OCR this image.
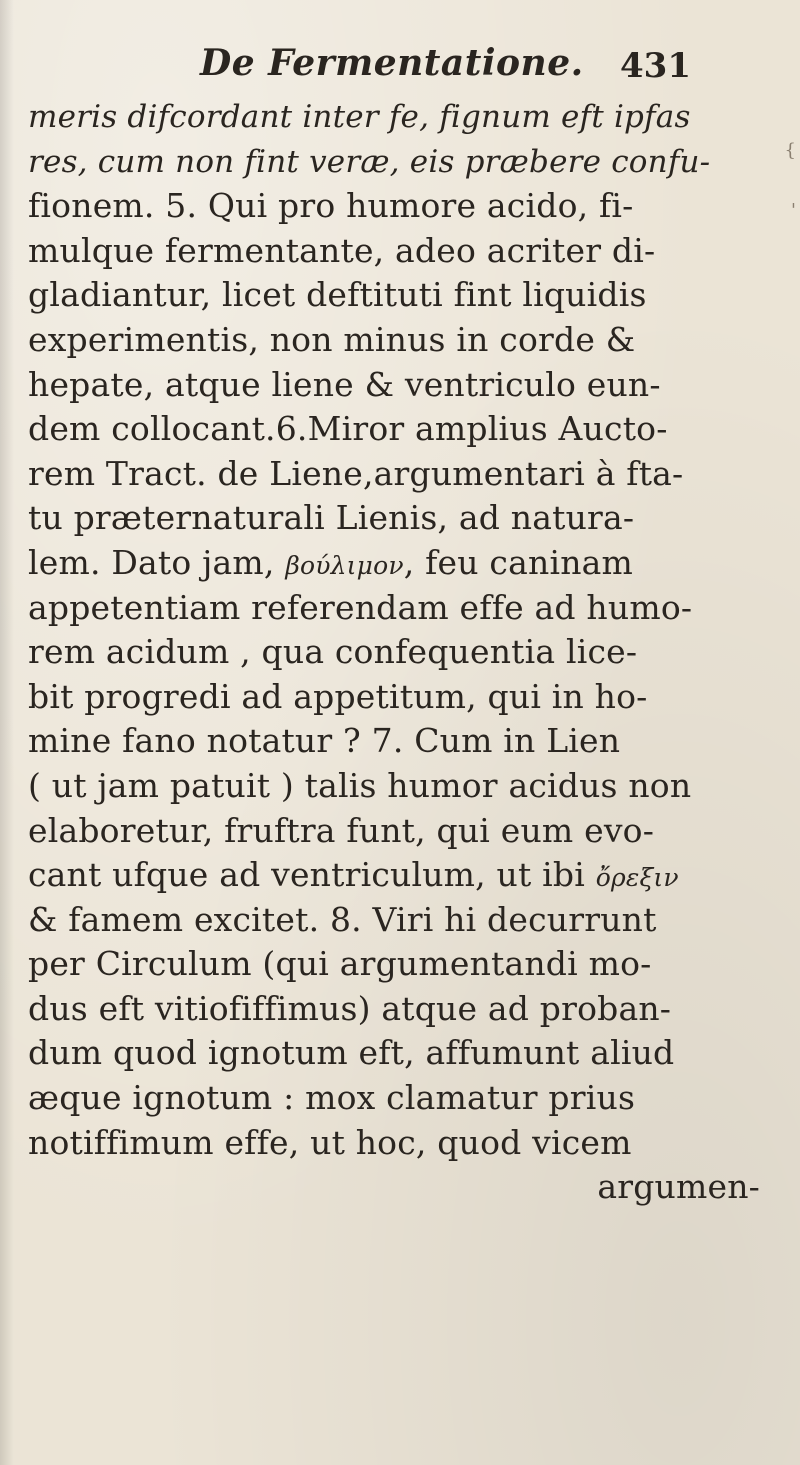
De Fermentatione. 431
{
'
meris difcordant inter fe, fignum eft ipfas
res, cum non fint veræ, eis præbere confu-
fionem. 5. Qui pro humore acido, fi-
mulque fermentante, adeo acriter di-
gladiantur, licet deftituti fint liquidis
experimentis, non minus in corde &
hepate, atque liene & ventriculo eun-
dem collocant.6.Miror amplius Aucto-
rem Tract. de Liene,argumentari à fta-
tu præternaturali Lienis, ad natura-
lem. Dato jam, βούλιμον, feu caninam
appetentiam referendam effe ad humo-
rem acidum , qua confequentia lice-
bit progredi ad appetitum, qui in ho-
mine fano notatur ? 7. Cum in Lien
( ut jam patuit ) talis humor acidus non
elaboretur, fruftra funt, qui eum evo-
cant ufque ad ventriculum, ut ibi ὄρεξιν
& famem excitet. 8. Viri hi decurrunt
per Circulum (qui argumentandi mo-
dus eft vitiofiffimus) atque ad proban-
dum quod ignotum eft, affumunt aliud
æque ignotum : mox clamatur prius
notiffimum effe, ut hoc, quod vicem
argumen-
